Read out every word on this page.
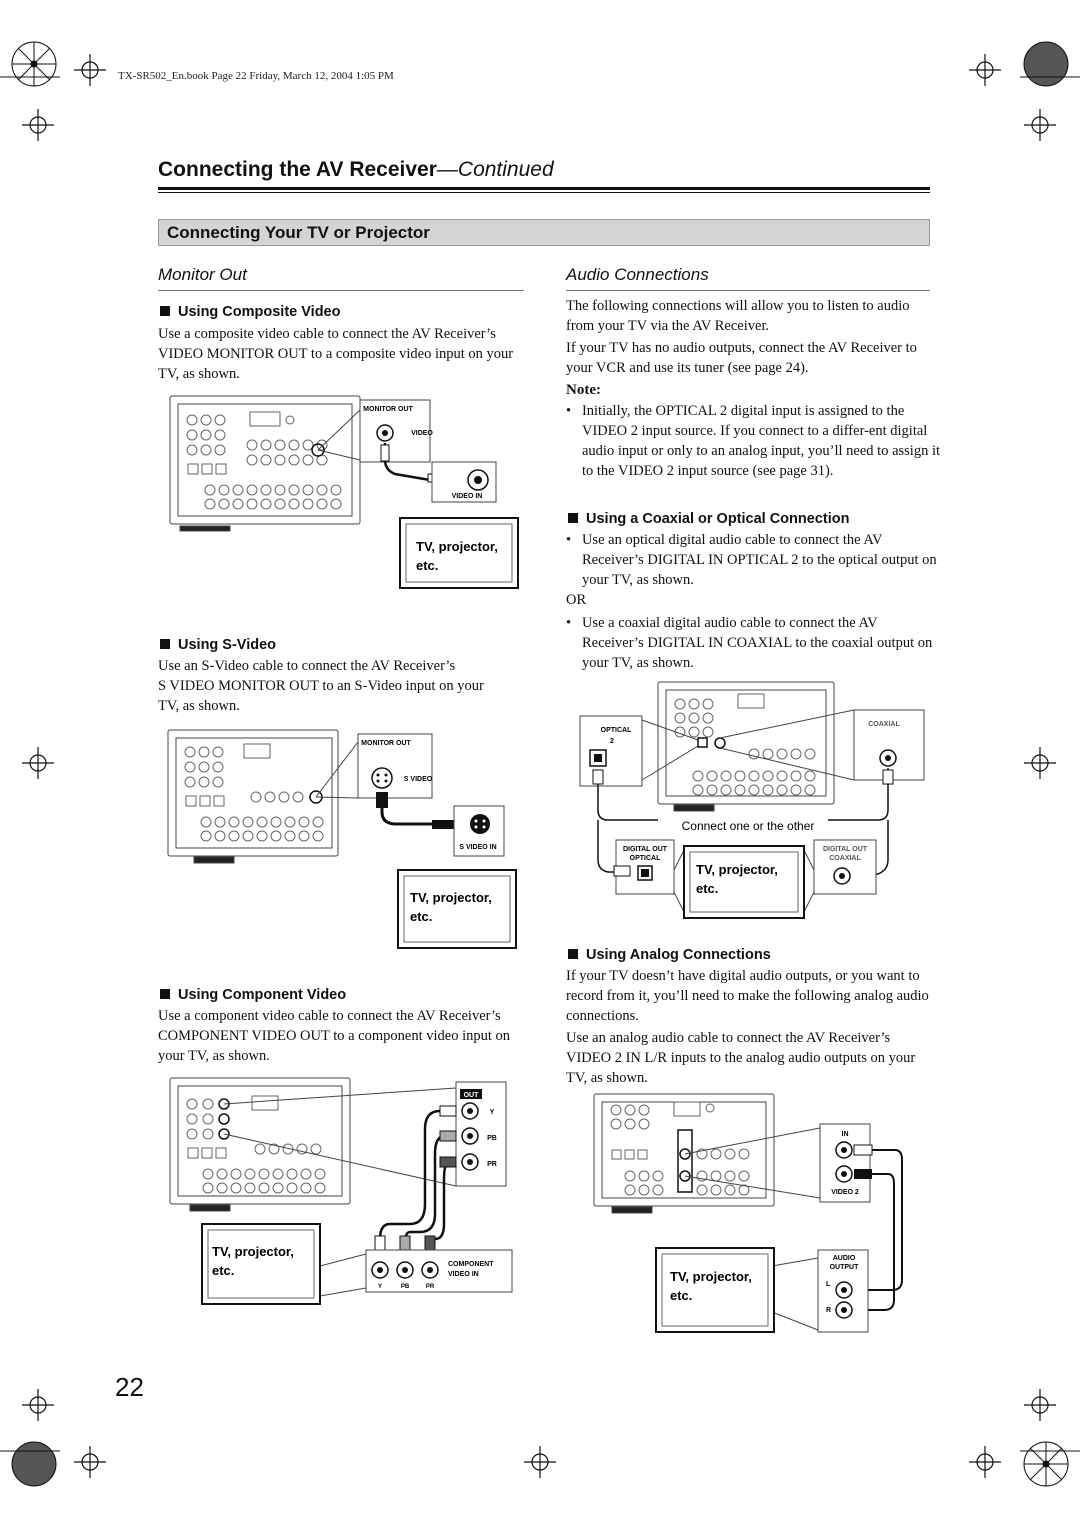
TX-SR502_En.book Page 22 Friday, March 12, 2004 1:05 PM
Connecting the AV Receiver—Continued
Connecting Your TV or Projector
Monitor Out
Using Composite Video
Use a composite video cable to connect the AV Receiver’s VIDEO MONITOR OUT to a composite video input on your TV, as shown.
MONITOR OUT
VIDEO
VIDEO IN
TV, projector,
etc.
Using S-Video
Use an S-Video cable to connect the AV Receiver’s
S VIDEO MONITOR OUT to an S-Video input on your
TV, as shown.
MONITOR OUT
S VIDEO
S VIDEO IN
TV, projector,
etc.
Using Component Video
Use a component video cable to connect the AV Receiver’s COMPONENT VIDEO OUT to a component video input on your TV, as shown.
OUT
Y
PB
PR
Y	PB	PR
COMPONENT
VIDEO IN
TV, projector,
etc.
Audio Connections
The following connections will allow you to listen to audio from your TV via the AV Receiver.
If your TV has no audio outputs, connect the AV Receiver to your VCR and use its tuner (see page 24).
Note:
•   Initially, the OPTICAL 2 digital input is assigned to the VIDEO 2 input source. If you connect to a differ-ent digital audio input or only to an analog input, you’ll need to assign it to the VIDEO 2 input source (see page 31).
Using a Coaxial or Optical Connection
•   Use an optical digital audio cable to connect the AV Receiver’s DIGITAL IN OPTICAL 2 to the optical output on your TV, as shown.
OR
•   Use a coaxial digital audio cable to connect the AV Receiver’s DIGITAL IN COAXIAL to the coaxial output on your TV, as shown.
OPTICAL
2
COAXIAL
Connect one or the other
DIGITAL OUT
OPTICAL
DIGITAL OUT
COAXIAL
TV, projector,
etc.
Using Analog Connections
If your TV doesn’t have digital audio outputs, or you want to record from it, you’ll need to make the following analog audio connections.
Use an analog audio cable to connect the AV Receiver’s VIDEO 2 IN L/R inputs to the analog audio outputs on your TV, as shown.
IN
VIDEO 2
AUDIO
OUTPUT
L
R
TV, projector,
etc.
22
